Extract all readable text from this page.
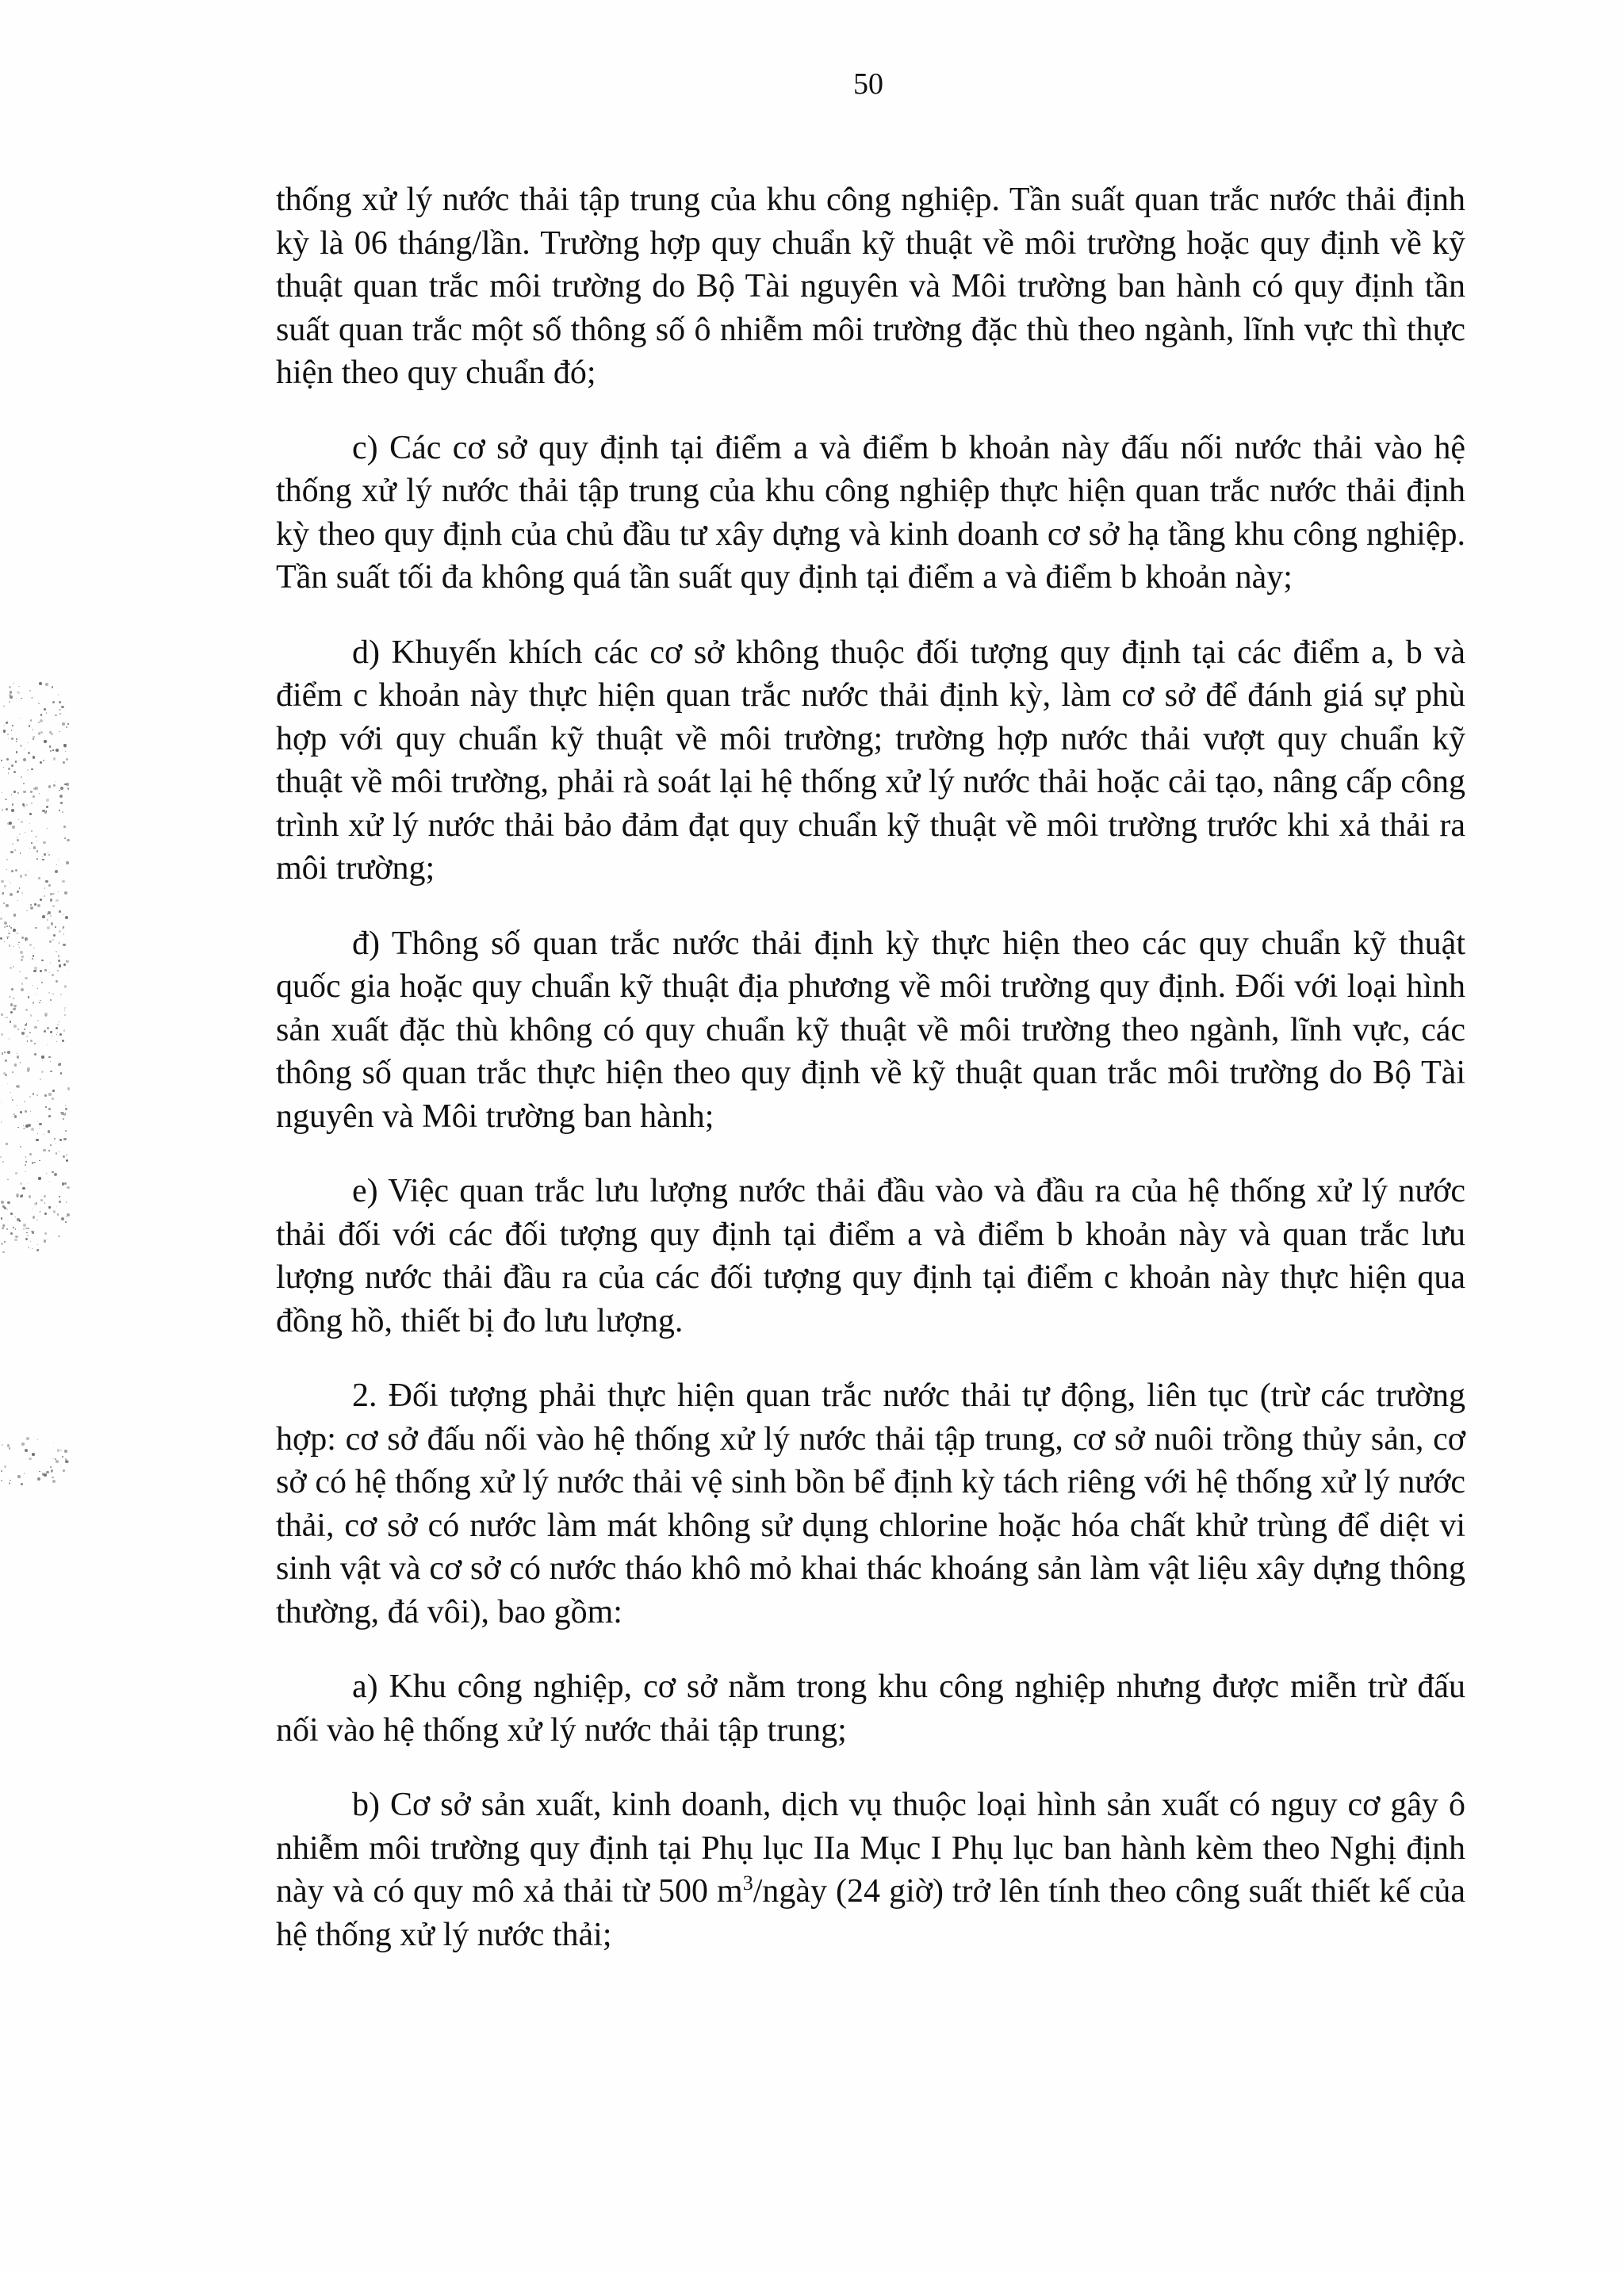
50

thống xử lý nước thải tập trung của khu công nghiệp. Tần suất quan trắc nước thải định kỳ là 06 tháng/lần. Trường hợp quy chuẩn kỹ thuật về môi trường hoặc quy định về kỹ thuật quan trắc môi trường do Bộ Tài nguyên và Môi trường ban hành có quy định tần suất quan trắc một số thông số ô nhiễm môi trường đặc thù theo ngành, lĩnh vực thì thực hiện theo quy chuẩn đó;

c) Các cơ sở quy định tại điểm a và điểm b khoản này đấu nối nước thải vào hệ thống xử lý nước thải tập trung của khu công nghiệp thực hiện quan trắc nước thải định kỳ theo quy định của chủ đầu tư xây dựng và kinh doanh cơ sở hạ tầng khu công nghiệp. Tần suất tối đa không quá tần suất quy định tại điểm a và điểm b khoản này;

d) Khuyến khích các cơ sở không thuộc đối tượng quy định tại các điểm a, b và điểm c khoản này thực hiện quan trắc nước thải định kỳ, làm cơ sở để đánh giá sự phù hợp với quy chuẩn kỹ thuật về môi trường; trường hợp nước thải vượt quy chuẩn kỹ thuật về môi trường, phải rà soát lại hệ thống xử lý nước thải hoặc cải tạo, nâng cấp công trình xử lý nước thải bảo đảm đạt quy chuẩn kỹ thuật về môi trường trước khi xả thải ra môi trường;

đ) Thông số quan trắc nước thải định kỳ thực hiện theo các quy chuẩn kỹ thuật quốc gia hoặc quy chuẩn kỹ thuật địa phương về môi trường quy định. Đối với loại hình sản xuất đặc thù không có quy chuẩn kỹ thuật về môi trường theo ngành, lĩnh vực, các thông số quan trắc thực hiện theo quy định về kỹ thuật quan trắc môi trường do Bộ Tài nguyên và Môi trường ban hành;

e) Việc quan trắc lưu lượng nước thải đầu vào và đầu ra của hệ thống xử lý nước thải đối với các đối tượng quy định tại điểm a và điểm b khoản này và quan trắc lưu lượng nước thải đầu ra của các đối tượng quy định tại điểm c khoản này thực hiện qua đồng hồ, thiết bị đo lưu lượng.

2. Đối tượng phải thực hiện quan trắc nước thải tự động, liên tục (trừ các trường hợp: cơ sở đấu nối vào hệ thống xử lý nước thải tập trung, cơ sở nuôi trồng thủy sản, cơ sở có hệ thống xử lý nước thải vệ sinh bồn bể định kỳ tách riêng với hệ thống xử lý nước thải, cơ sở có nước làm mát không sử dụng chlorine hoặc hóa chất khử trùng để diệt vi sinh vật và cơ sở có nước tháo khô mỏ khai thác khoáng sản làm vật liệu xây dựng thông thường, đá vôi), bao gồm:

a) Khu công nghiệp, cơ sở nằm trong khu công nghiệp nhưng được miễn trừ đấu nối vào hệ thống xử lý nước thải tập trung;

b) Cơ sở sản xuất, kinh doanh, dịch vụ thuộc loại hình sản xuất có nguy cơ gây ô nhiễm môi trường quy định tại Phụ lục IIa Mục I Phụ lục ban hành kèm theo Nghị định này và có quy mô xả thải từ 500 $m^3$/ngày (24 giờ) trở lên tính theo công suất thiết kế của hệ thống xử lý nước thải;
